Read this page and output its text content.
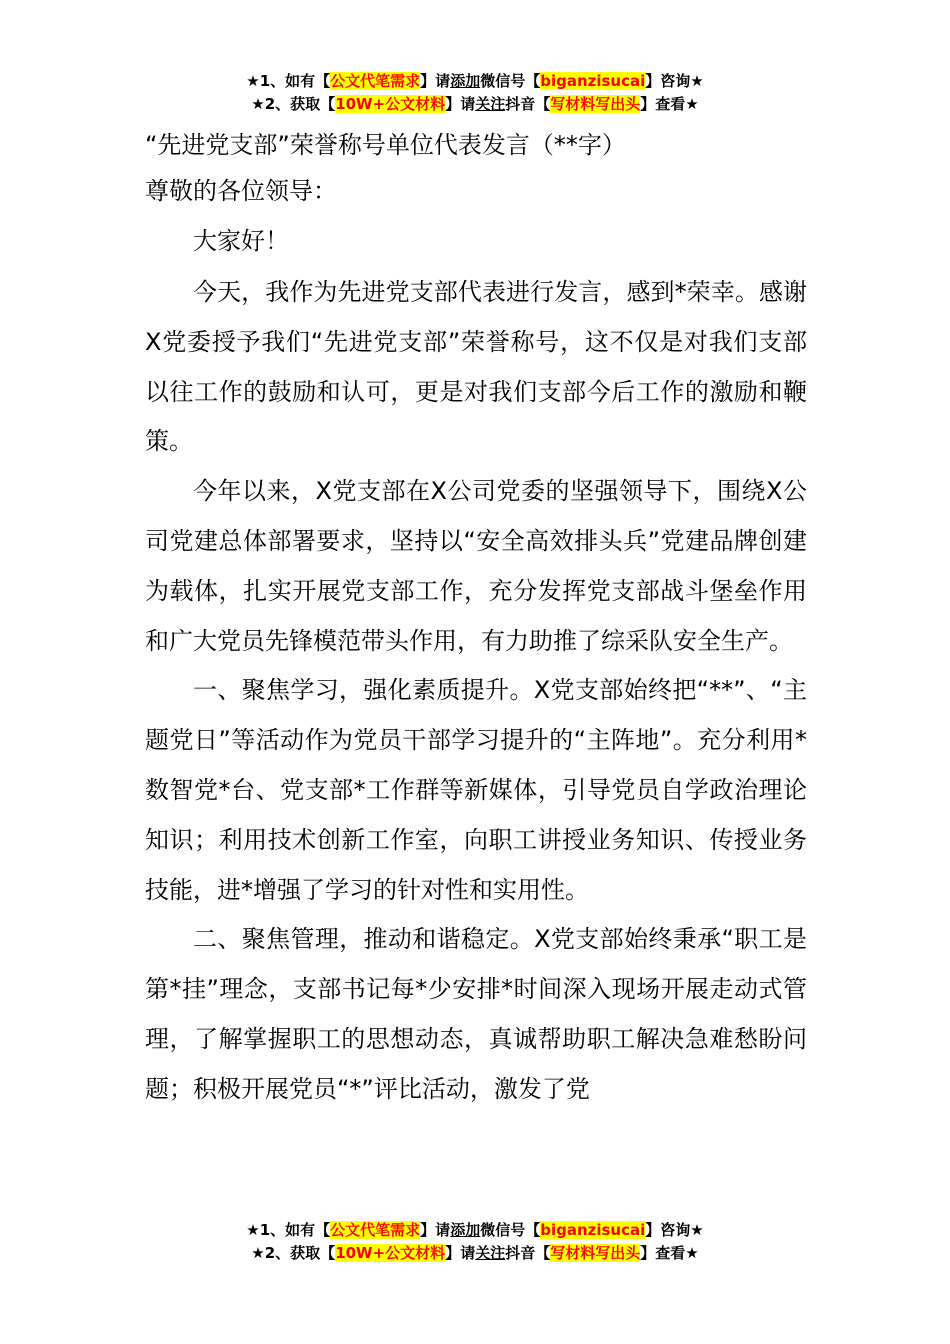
★1、如有【公文代笔需求】请添加微信号【biganzisucai】咨询★
★2、获取【10W+公文材料】请关注抖音【写材料写出头】查看★
“先进党支部”荣誉称号单位代表发言（**字）
尊敬的各位领导：
大家好！
今天，我作为先进党支部代表进行发言，感到*荣幸。感谢X党委授予我们“先进党支部”荣誉称号，这不仅是对我们支部以往工作的鼓励和认可，更是对我们支部今后工作的激励和鞭策。
今年以来，X党支部在X公司党委的坚强领导下，围绕X公司党建总体部署要求，坚持以“安全高效排头兵”党建品牌创建为载体，扎实开展党支部工作，充分发挥党支部战斗堡垒作用和广大党员先锋模范带头作用，有力助推了综采队安全生产。
一、聚焦学习，强化素质提升。X党支部始终把“**”、“主题党日”等活动作为党员干部学习提升的“主阵地”。充分利用*数智党*台、党支部*工作群等新媒体，引导党员自学政治理论知识；利用技术创新工作室，向职工讲授业务知识、传授业务技能，进*增强了学习的针对性和实用性。
二、聚焦管理，推动和谐稳定。X党支部始终秉承“职工是第*挂”理念，支部书记每*少安排*时间深入现场开展走动式管理，了解掌握职工的思想动态，真诚帮助职工解决急难愁盼问题；积极开展党员“*”评比活动，激发了党
★1、如有【公文代笔需求】请添加微信号【biganzisucai】咨询★
★2、获取【10W+公文材料】请关注抖音【写材料写出头】查看★
